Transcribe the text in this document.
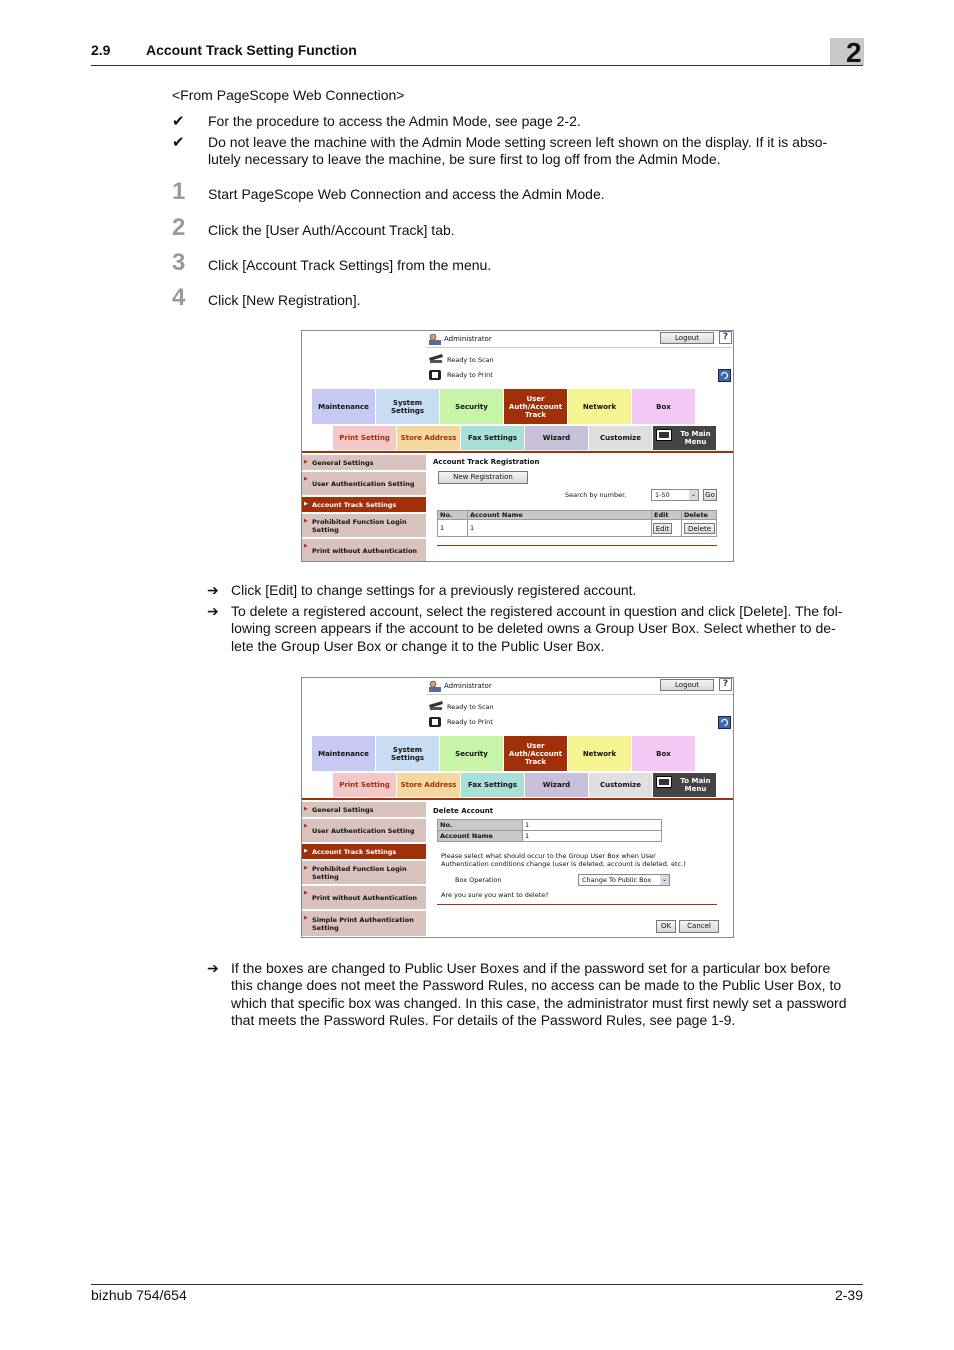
2.9	Account Track Setting Function	2
<From PageScope Web Connection>
✔ For the procedure to access the Admin Mode, see page 2-2.
✔ Do not leave the machine with the Admin Mode setting screen left shown on the display. If it is abso-
lutely necessary to leave the machine, be sure first to log off from the Admin Mode.
1 Start PageScope Web Connection and access the Admin Mode.
2 Click the [User Auth/Account Track] tab.
3 Click [Account Track Settings] from the menu.
4 Click [New Registration].
Administrator	Logout	?
Ready to Scan
Ready to Print
Maintenance	System Settings	Security
User Auth/Account Track
Network	Box
Print Setting	Store Address	Fax Settings	Wizard	Customize	To Main Menu
▶ General Settings
▶ User Authentication Setting
▶ Account Track Settings
▶ Prohibited Function Login Setting
▶ Print without Authentication
Account Track Registration
New Registration
Search by number.	1-50	⌄	Go
No.	Account Name	Edit	Delete
1	1	Edit	Delete
➔ Click [Edit] to change settings for a previously registered account.
➔ To delete a registered account, select the registered account in question and click [Delete]. The fol-
lowing screen appears if the account to be deleted owns a Group User Box. Select whether to de-
lete the Group User Box or change it to the Public User Box.
Administrator	Logout	?
Ready to Scan
Ready to Print
Maintenance	System Settings	Security
User Auth/Account Track
Network	Box
Print Setting	Store Address	Fax Settings	Wizard	Customize	To Main Menu
▶ General Settings
▶ User Authentication Setting
▶ Account Track Settings
▶ Prohibited Function Login Setting
▶ Print without Authentication
▶ Simple Print Authentication Setting
Delete Account
No.	1
Account Name	1
Please select what should occur to the Group User Box when User
Authentication conditions change (user is deleted, account is deleted, etc.)
Box Operation	Change To Public Box	⌄
Are you sure you want to delete?
OK	Cancel
➔ If the boxes are changed to Public User Boxes and if the password set for a particular box before
this change does not meet the Password Rules, no access can be made to the Public User Box, to
which that specific box was changed. In this case, the administrator must first newly set a password
that meets the Password Rules. For details of the Password Rules, see page 1-9.
bizhub 754/654	2-39
